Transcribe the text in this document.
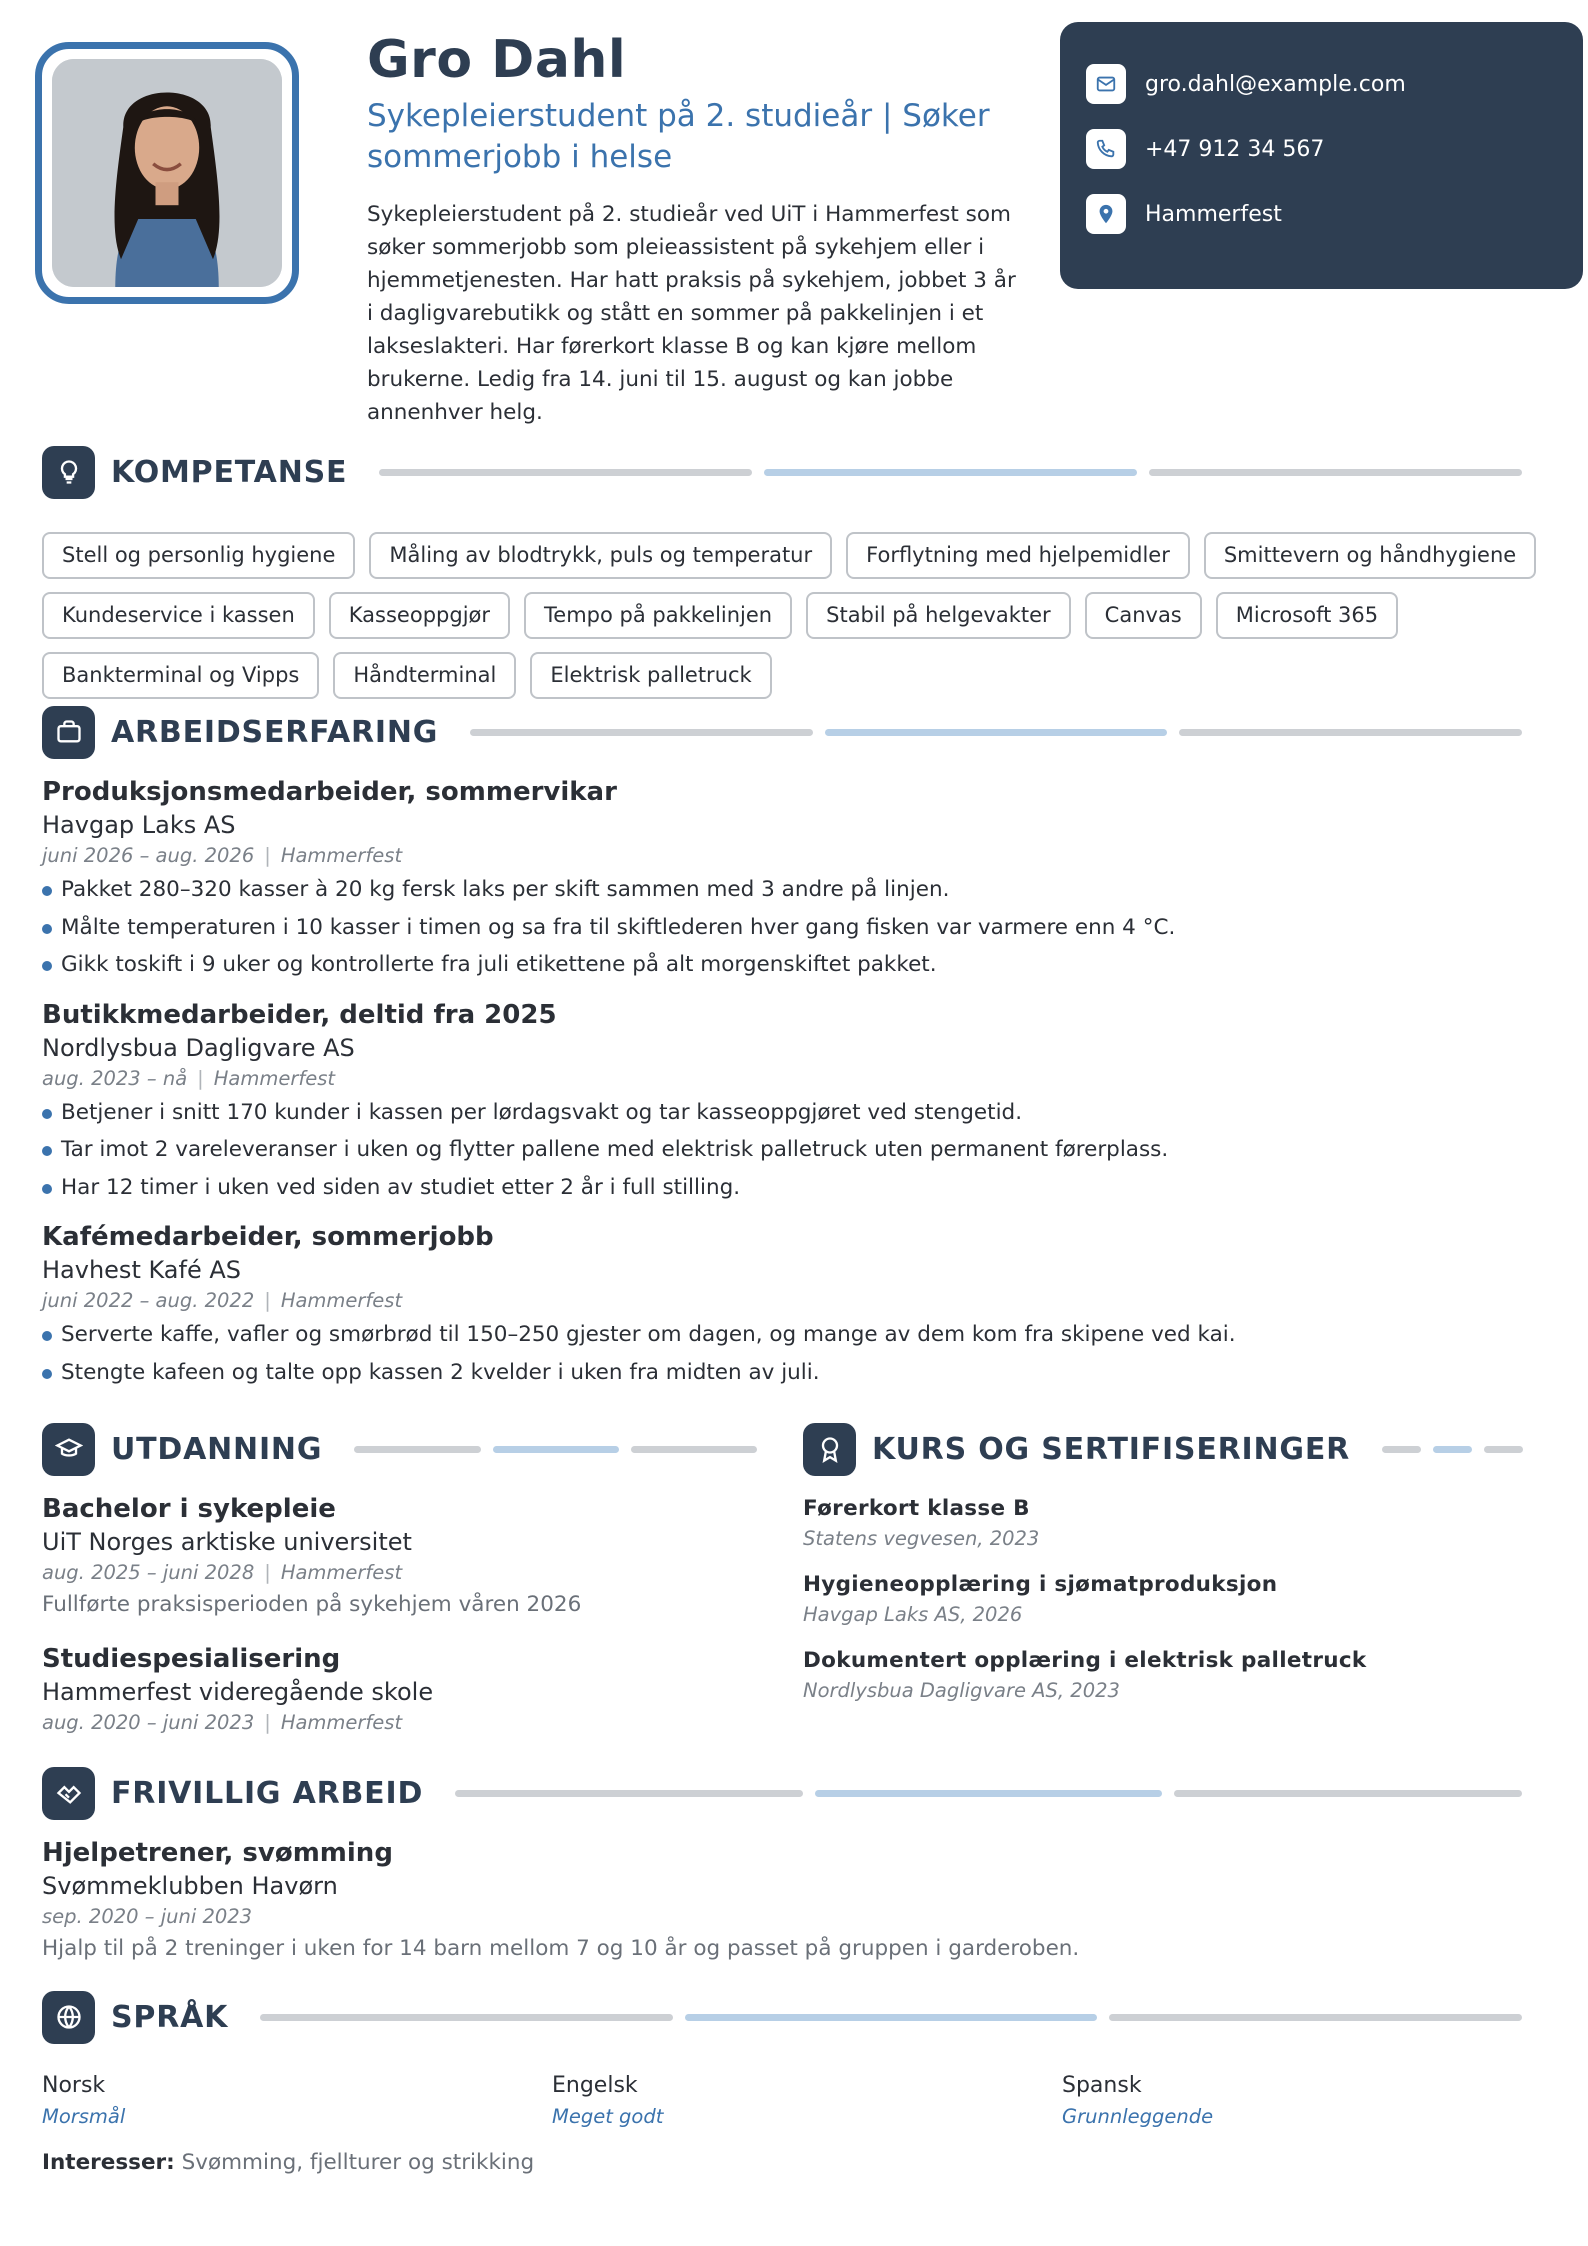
Gro Dahl
Sykepleierstudent på 2. studieår | Søker sommerjobb i helse
Sykepleierstudent på 2. studieår ved UiT i Hammerfest som søker sommerjobb som pleieassistent på sykehjem eller i hjemmetjenesten. Har hatt praksis på sykehjem, jobbet 3 år i dagligvarebutikk og stått en sommer på pakkelinjen i et lakseslakteri. Har førerkort klasse B og kan kjøre mellom brukerne. Ledig fra 14. juni til 15. august og kan jobbe annenhver helg.
gro.dahl@example.com
+47 912 34 567
Hammerfest
KOMPETANSE
Stell og personlig hygiene	Måling av blodtrykk, puls og temperatur	Forflytning med hjelpemidler	Smittevern og håndhygiene
Kundeservice i kassen	Kasseoppgjør	Tempo på pakkelinjen	Stabil på helgevakter	Canvas	Microsoft 365
Bankterminal og Vipps	Håndterminal	Elektrisk palletruck
ARBEIDSERFARING
Produksjonsmedarbeider, sommervikar
Havgap Laks AS
juni 2026 – aug. 2026 | Hammerfest
Pakket 280–320 kasser à 20 kg fersk laks per skift sammen med 3 andre på linjen.
Målte temperaturen i 10 kasser i timen og sa fra til skiftlederen hver gang fisken var varmere enn 4 °C.
Gikk toskift i 9 uker og kontrollerte fra juli etikettene på alt morgenskiftet pakket.
Butikkmedarbeider, deltid fra 2025
Nordlysbua Dagligvare AS
aug. 2023 – nå | Hammerfest
Betjener i snitt 170 kunder i kassen per lørdagsvakt og tar kasseoppgjøret ved stengetid.
Tar imot 2 vareleveranser i uken og flytter pallene med elektrisk palletruck uten permanent førerplass.
Har 12 timer i uken ved siden av studiet etter 2 år i full stilling.
Kafémedarbeider, sommerjobb
Havhest Kafé AS
juni 2022 – aug. 2022 | Hammerfest
Serverte kaffe, vafler og smørbrød til 150–250 gjester om dagen, og mange av dem kom fra skipene ved kai.
Stengte kafeen og talte opp kassen 2 kvelder i uken fra midten av juli.
UTDANNING
Bachelor i sykepleie
UiT Norges arktiske universitet
aug. 2025 – juni 2028 | Hammerfest
Fullførte praksisperioden på sykehjem våren 2026
Studiespesialisering
Hammerfest videregående skole
aug. 2020 – juni 2023 | Hammerfest
KURS OG SERTIFISERINGER
Førerkort klasse B
Statens vegvesen, 2023
Hygieneopplæring i sjømatproduksjon
Havgap Laks AS, 2026
Dokumentert opplæring i elektrisk palletruck
Nordlysbua Dagligvare AS, 2023
FRIVILLIG ARBEID
Hjelpetrener, svømming
Svømmeklubben Havørn
sep. 2020 – juni 2023
Hjalp til på 2 treninger i uken for 14 barn mellom 7 og 10 år og passet på gruppen i garderoben.
SPRÅK
Norsk
Morsmål
Engelsk
Meget godt
Spansk
Grunnleggende
Interesser: Svømming, fjellturer og strikking
